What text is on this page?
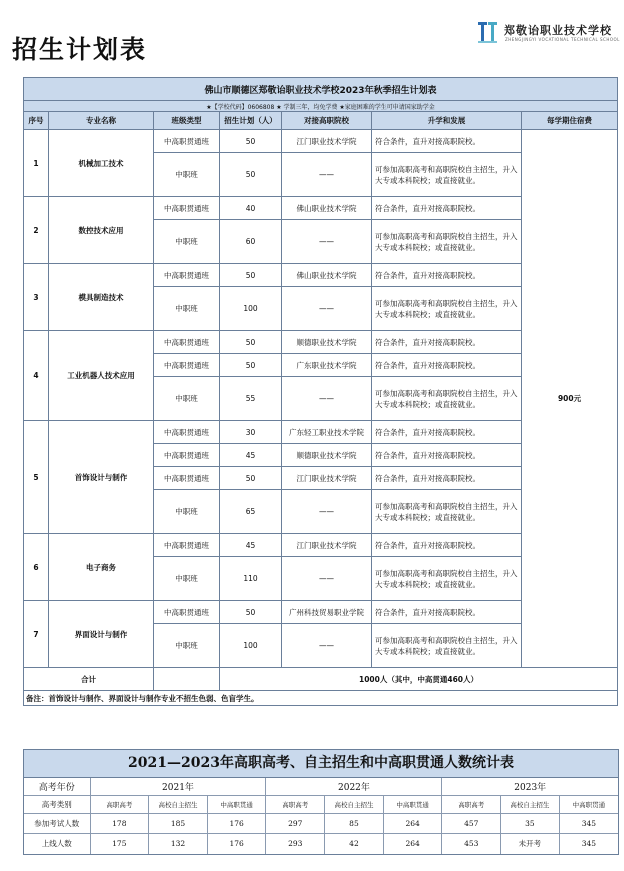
招生计划表
郑敬诒职业技术学校
ZHENGJINGYI VOCATIONAL TECHNICAL SCHOOL
佛山市顺德区郑敬诒职业技术学校2023年秋季招生计划表						
★【学校代码】0606808 ★ 学制三年，均免学费 ★家庭困难的学生可申请国家助学金						
序号	专业名称	班级类型	招生计划（人）	对接高职院校	升学和发展	每学期住宿费
1	机械加工技术	中高职贯通班	50	江门职业技术学院	符合条件，直升对接高职院校。	900元
		中职班	50	——	可参加高职高考和高职院校自主招生，升入大专或本科院校；或直接就业。	
2	数控技术应用	中高职贯通班	40	佛山职业技术学院	符合条件，直升对接高职院校。	
		中职班	60	——	可参加高职高考和高职院校自主招生，升入大专或本科院校；或直接就业。	
3	模具制造技术	中高职贯通班	50	佛山职业技术学院	符合条件，直升对接高职院校。	
		中职班	100	——	可参加高职高考和高职院校自主招生，升入大专或本科院校；或直接就业。	
4	工业机器人技术应用	中高职贯通班	50	顺德职业技术学院	符合条件，直升对接高职院校。	
		中高职贯通班	50	广东职业技术学院	符合条件，直升对接高职院校。	
		中职班	55	——	可参加高职高考和高职院校自主招生，升入大专或本科院校；或直接就业。	
5	首饰设计与制作	中高职贯通班	30	广东轻工职业技术学院	符合条件，直升对接高职院校。	
		中高职贯通班	45	顺德职业技术学院	符合条件，直升对接高职院校。	
		中高职贯通班	50	江门职业技术学院	符合条件，直升对接高职院校。	
		中职班	65	——	可参加高职高考和高职院校自主招生，升入大专或本科院校；或直接就业。	
6	电子商务	中高职贯通班	45	江门职业技术学院	符合条件，直升对接高职院校。	
		中职班	110	——	可参加高职高考和高职院校自主招生，升入大专或本科院校；或直接就业。	
7	界面设计与制作	中高职贯通班	50	广州科技贸易职业学院	符合条件，直升对接高职院校。	
		中职班	100	——	可参加高职高考和高职院校自主招生，升入大专或本科院校；或直接就业。	
合计			1000人（其中，中高贯通460人）			
备注：首饰设计与制作、界面设计与制作专业不招生色弱、色盲学生。						
2021—2023年高职高考、自主招生和中高职贯通人数统计表
高考年份	2021年			2022年			2023年		
高考类别	高职高考	高校自主招生	中高职贯通	高职高考	高校自主招生	中高职贯通	高职高考	高校自主招生	中高职贯通
参加考试人数	178	185	176	297	85	264	457	35	345
上线人数	175	132	176	293	42	264	453	未开考	345
